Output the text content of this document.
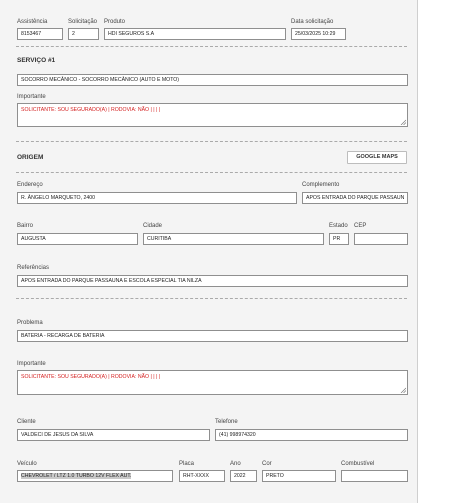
Assistência
8153467
Solicitação
2
Produto
HDI SEGUROS S.A
Data solicitação
25/03/2025 10:29
SERVIÇO #1
SOCORRO MECÂNICO - SOCORRO MECÂNICO (AUTO E MOTO)
Importante
SOLICITANTE: SOU SEGURADO(A) | RODOVIA: NÃO | | | |
ORIGEM	GOOGLE MAPS
Endereço
R. ÂNGELO MARQUETO, 2400
Complemento
APOS ENTRADA DO PARQUE PASSAUN
Bairro
AUGUSTA
Cidade
CURITIBA
Estado
PR
CEP
Referências
APOS ENTRADA DO PARQUE PASSAUNA E ESCOLA ESPECIAL TIA NILZA
Problema
BATERIA - RECARGA DE BATERIA
Importante
SOLICITANTE: SOU SEGURADO(A) | RODOVIA: NÃO | | | |
Cliente
VALDECI DE JESUS DA SILVA
Telefone
(41) 998974320
Veículo
CHEVROLET / LTZ 1.0 TURBO 12V FLEX AUT.
Placa
RHT-XXXX
Ano
2022
Cor
PRETO
Combustível
